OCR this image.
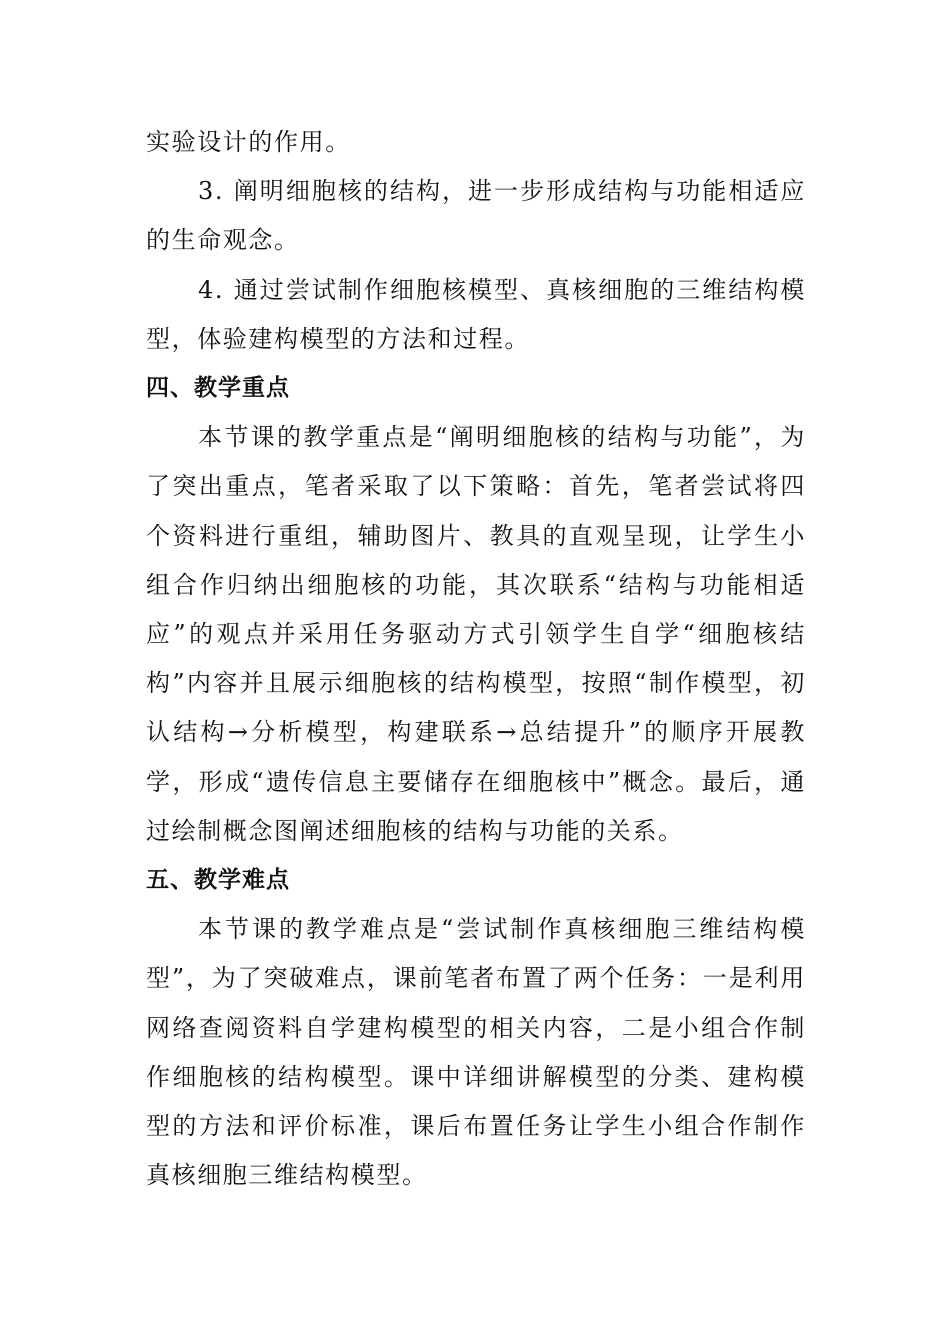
实验设计的作用。

3. 阐明细胞核的结构，进一步形成结构与功能相适应的生命观念。

4. 通过尝试制作细胞核模型、真核细胞的三维结构模型，体验建构模型的方法和过程。

四、教学重点

本节课的教学重点是“阐明细胞核的结构与功能”，为了突出重点，笔者采取了以下策略：首先，笔者尝试将四个资料进行重组，辅助图片、教具的直观呈现，让学生小组合作归纳出细胞核的功能，其次联系“结构与功能相适应”的观点并采用任务驱动方式引领学生自学“细胞核结构”内容并且展示细胞核的结构模型，按照“制作模型，初认结构→分析模型，构建联系→总结提升”的顺序开展教学，形成“遗传信息主要储存在细胞核中”概念。最后，通过绘制概念图阐述细胞核的结构与功能的关系。

五、教学难点

本节课的教学难点是“尝试制作真核细胞三维结构模型”，为了突破难点，课前笔者布置了两个任务：一是利用网络查阅资料自学建构模型的相关内容，二是小组合作制作细胞核的结构模型。课中详细讲解模型的分类、建构模型的方法和评价标准，课后布置任务让学生小组合作制作真核细胞三维结构模型。
